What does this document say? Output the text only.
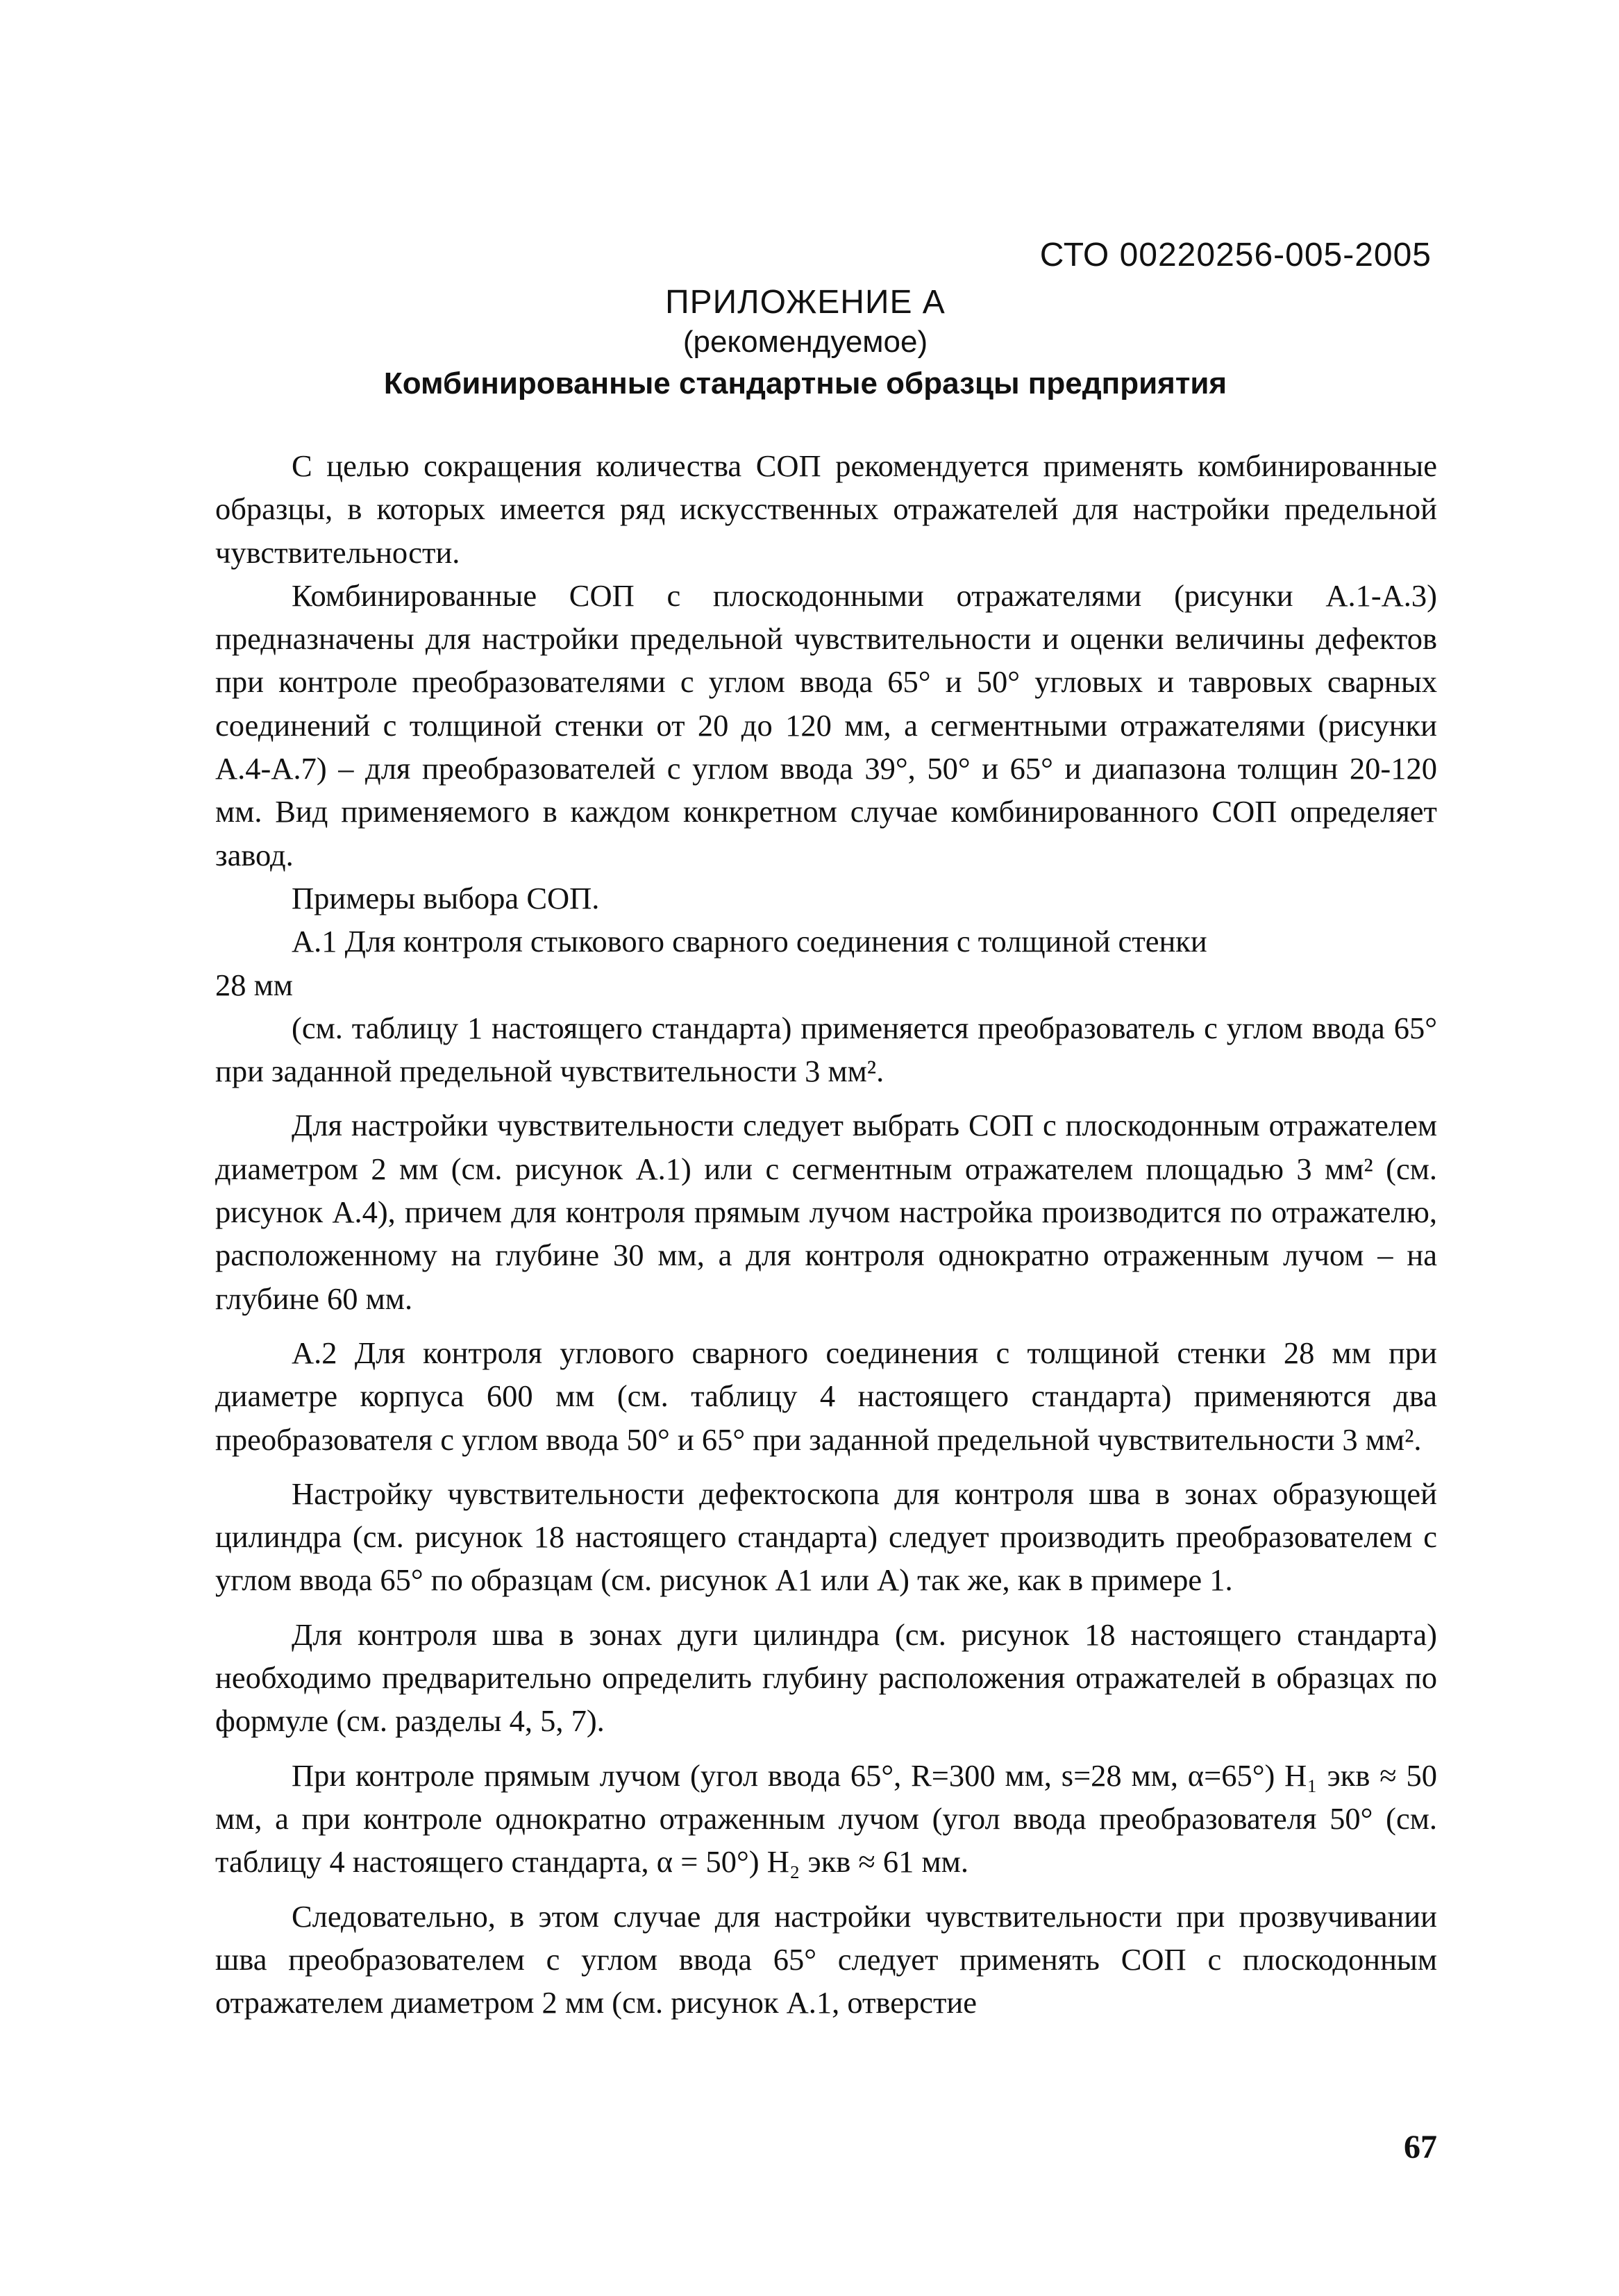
СТО 00220256-005-2005

ПРИЛОЖЕНИЕ А

(рекомендуемое)

Комбинированные стандартные образцы предприятия

С целью сокращения количества СОП рекомендуется применять комбинированные образцы, в которых имеется ряд искусственных отражателей для настройки предельной чувствительности.

Комбинированные СОП с плоскодонными отражателями (рисунки А.1-А.3) предназначены для настройки предельной чувствительности и оценки величины дефектов при контроле преобразователями с углом ввода 65° и 50° угловых и тавровых сварных соединений с толщиной стенки от 20 до 120 мм, а сегментными отражателями (рисунки А.4-А.7) – для преобразователей с углом ввода 39°, 50° и 65° и диапазона толщин 20-120 мм. Вид применяемого в каждом конкретном случае комбинированного СОП определяет завод.

Примеры выбора СОП.

А.1 Для контроля стыкового сварного соединения с толщиной стенки

28 мм

(см. таблицу 1 настоящего стандарта) применяется преобразователь с углом ввода 65° при заданной предельной чувствительности 3 мм².

Для настройки чувствительности следует выбрать СОП с плоскодонным отражателем диаметром 2 мм (см. рисунок А.1) или с сегментным отражателем площадью 3 мм² (см. рисунок А.4), причем для контроля прямым лучом настройка производится по отражателю, расположенному на глубине 30 мм, а для контроля однократно отраженным лучом – на глубине 60 мм.

А.2 Для контроля углового сварного соединения с толщиной стенки 28 мм при диаметре корпуса 600 мм (см. таблицу 4 настоящего стандарта) применяются два преобразователя с углом ввода 50° и 65° при заданной предельной чувствительности 3 мм².

Настройку чувствительности дефектоскопа для контроля шва в зонах образующей цилиндра (см. рисунок 18 настоящего стандарта) следует производить преобразователем с углом ввода 65° по образцам (см. рисунок А1 или А) так же, как в примере 1.

Для контроля шва в зонах дуги цилиндра (см. рисунок 18 настоящего стандарта) необходимо предварительно определить глубину расположения отражателей в образцах по формуле (см. разделы 4, 5, 7).

При контроле прямым лучом (угол ввода 65°, R=300 мм, s=28 мм, α=65°) H₁ экв ≈ 50 мм, а при контроле однократно отраженным лучом (угол ввода преобразователя 50° (см. таблицу 4 настоящего стандарта, α = 50°) H₂ экв ≈ 61 мм.

Следовательно, в этом случае для настройки чувствительности при прозвучивании шва преобразователем с углом ввода 65° следует применять СОП с плоскодонным отражателем диаметром 2 мм (см. рисунок А.1, отверстие

67
